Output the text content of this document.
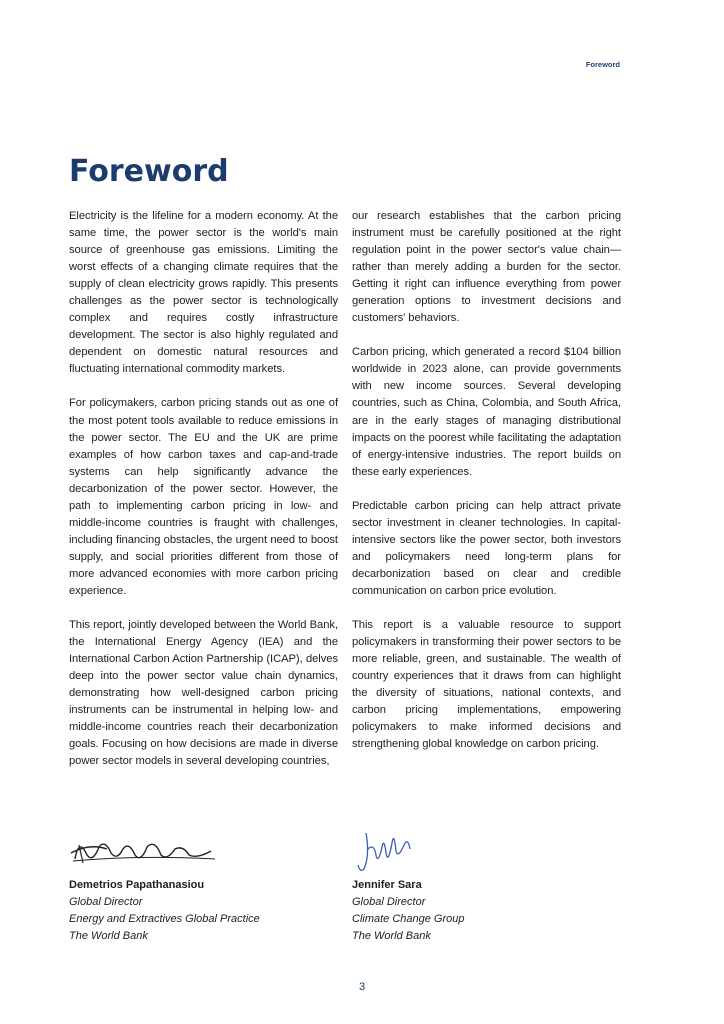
Foreword
Foreword

Electricity is the lifeline for a modern economy. At the same time, the power sector is the world's main source of greenhouse gas emissions. Limiting the worst effects of a changing climate requires that the supply of clean electricity grows rapidly. This presents challenges as the power sector is technologically complex and requires costly infrastructure development. The sector is also highly regulated and dependent on domestic natural resources and fluctuating international commodity markets.

For policymakers, carbon pricing stands out as one of the most potent tools available to reduce emissions in the power sector. The EU and the UK are prime examples of how carbon taxes and cap-and-trade systems can help significantly advance the decarbonization of the power sector. However, the path to implementing carbon pricing in low- and middle-income countries is fraught with challenges, including financing obstacles, the urgent need to boost supply, and social priorities different from those of more advanced economies with more carbon pricing experience.

This report, jointly developed between the World Bank, the International Energy Agency (IEA) and the International Carbon Action Partnership (ICAP), delves deep into the power sector value chain dynamics, demonstrating how well-designed carbon pricing instruments can be instrumental in helping low- and middle-income countries reach their decarbonization goals. Focusing on how decisions are made in diverse power sector models in several developing countries,

our research establishes that the carbon pricing instrument must be carefully positioned at the right regulation point in the power sector's value chain—rather than merely adding a burden for the sector. Getting it right can influence everything from power generation options to investment decisions and customers' behaviors.

Carbon pricing, which generated a record $104 billion worldwide in 2023 alone, can provide governments with new income sources. Several developing countries, such as China, Colombia, and South Africa, are in the early stages of managing distributional impacts on the poorest while facilitating the adaptation of energy-intensive industries. The report builds on these early experiences.

Predictable carbon pricing can help attract private sector investment in cleaner technologies. In capital-intensive sectors like the power sector, both investors and policymakers need long-term plans for decarbonization based on clear and credible communication on carbon price evolution.

This report is a valuable resource to support policymakers in transforming their power sectors to be more reliable, green, and sustainable. The wealth of country experiences that it draws from can highlight the diversity of situations, national contexts, and carbon pricing implementations, empowering policymakers to make informed decisions and strengthening global knowledge on carbon pricing.

Demetrios Papathanasiou
Global Director
Energy and Extractives Global Practice
The World Bank
Jennifer Sara
Global Director
Climate Change Group
The World Bank
3
